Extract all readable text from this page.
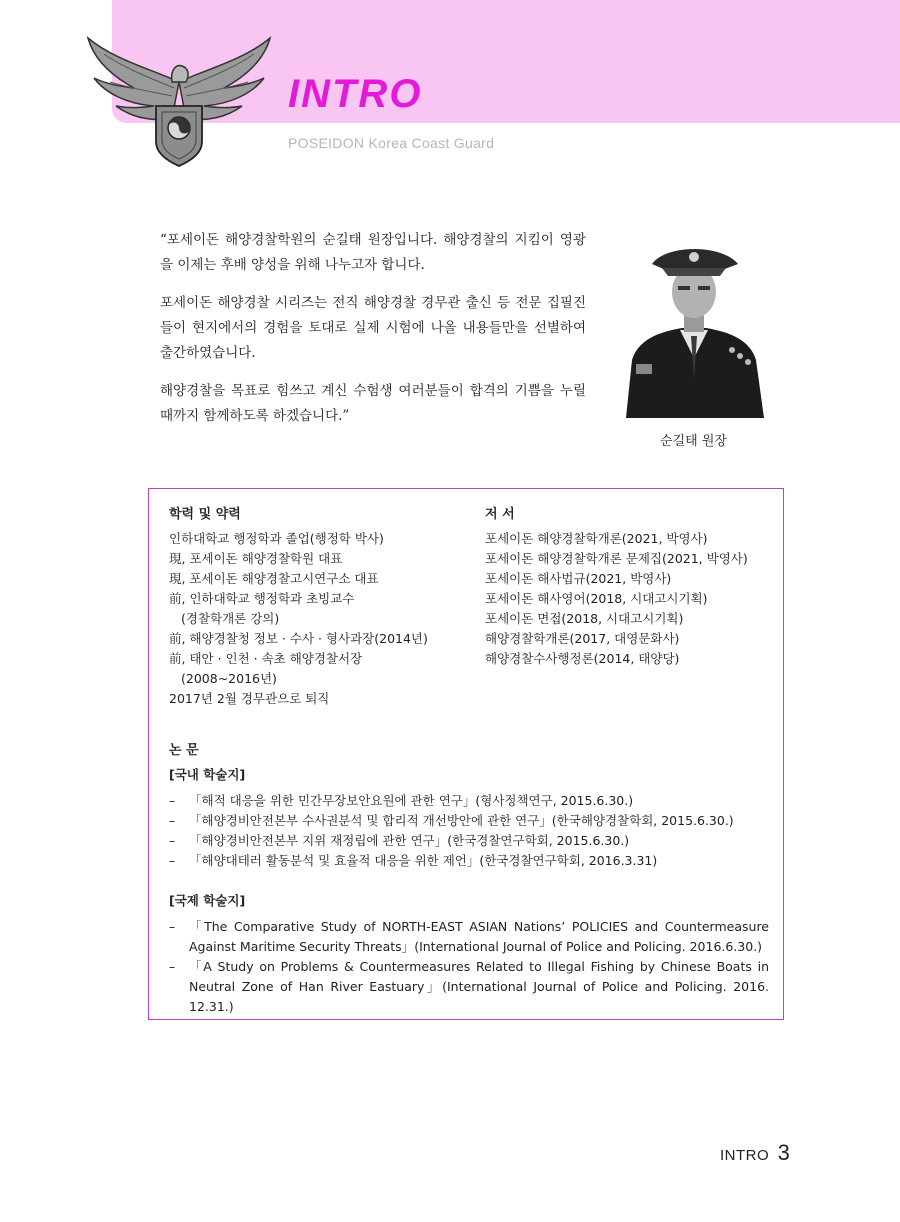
INTRO
POSEIDON Korea Coast Guard

“포세이돈 해양경찰학원의 순길태 원장입니다. 해양경찰의 지킴이 영광을 이제는 후배 양성을 위해 나누고자 합니다.

포세이돈 해양경찰 시리즈는 전직 해양경찰 경무관 출신 등 전문 집필진들이 현지에서의 경험을 토대로 실제 시험에 나올 내용들만을 선별하여 출간하였습니다.

해양경찰을 목표로 힘쓰고 계신 수험생 여러분들이 합격의 기쁨을 누릴 때까지 함께하도록 하겠습니다.”

순길태 원장
학력 및 약력
인하대학교 행정학과 졸업(행정학 박사)
現, 포세이돈 해양경찰학원 대표
現, 포세이돈 해양경찰고시연구소 대표
前, 인하대학교 행정학과 초빙교수
(경찰학개론 강의)
前, 해양경찰청 정보 · 수사 · 형사과장(2014년)
前, 태안 · 인천 · 속초 해양경찰서장
(2008~2016년)
2017년 2월 경무관으로 퇴직
저 서
포세이돈 해양경찰학개론(2021, 박영사)
포세이돈 해양경찰학개론 문제집(2021, 박영사)
포세이돈 해사법규(2021, 박영사)
포세이돈 해사영어(2018, 시대고시기획)
포세이돈 면접(2018, 시대고시기획)
해양경찰학개론(2017, 대영문화사)
해양경찰수사행정론(2014, 태양당)
논 문
[국내 학술지]
– 「해적 대응을 위한 민간무장보안요원에 관한 연구」(형사정책연구, 2015.6.30.)
– 「해양경비안전본부 수사권분석 및 합리적 개선방안에 관한 연구」(한국해양경찰학회, 2015.6.30.)
– 「해양경비안전본부 지위 재정립에 관한 연구」(한국경찰연구학회, 2015.6.30.)
– 「해양대테러 활동분석 및 효율적 대응을 위한 제언」(한국경찰연구학회, 2016.3.31)
[국제 학술지]
– 「The Comparative Study of NORTH-EAST ASIAN Nations’ POLICIES and Countermeasure Against Maritime Security Threats」(International Journal of Police and Policing. 2016.6.30.)
– 「A Study on Problems & Countermeasures Related to Illegal Fishing by Chinese Boats in Neutral Zone of Han River Eastuary」(International Journal of Police and Policing. 2016. 12.31.)
INTRO 3
